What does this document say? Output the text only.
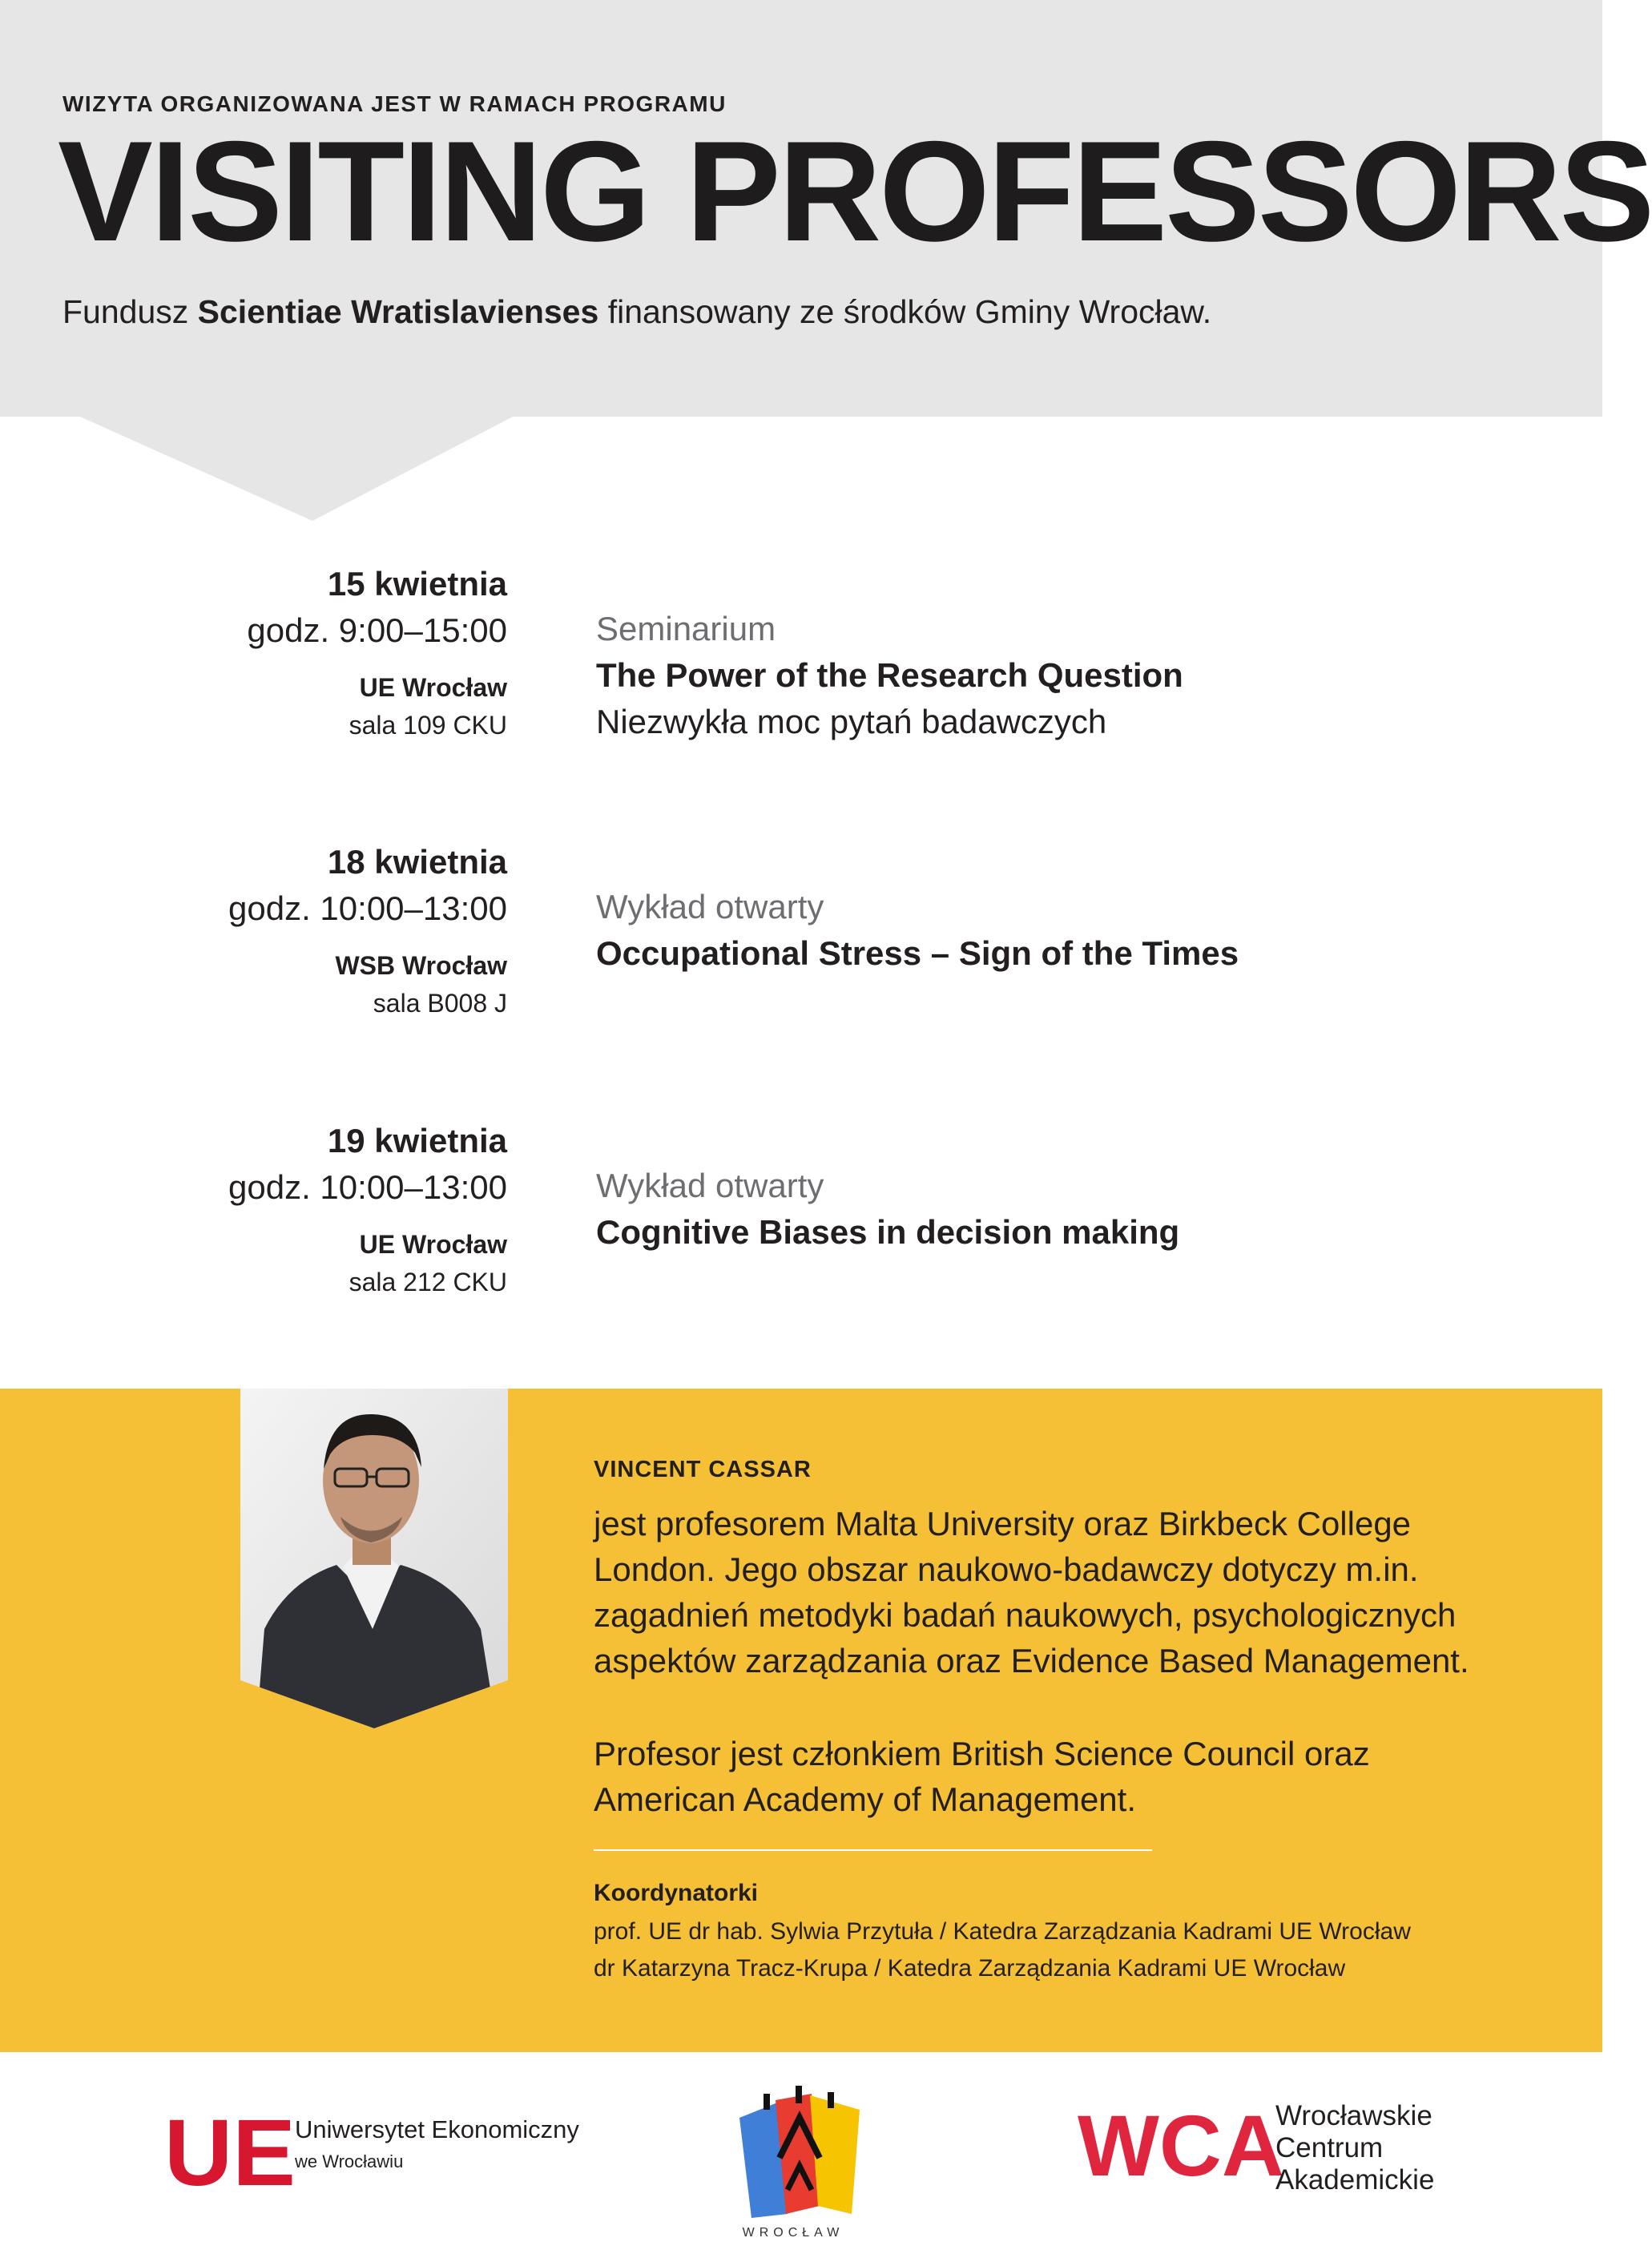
WIZYTA ORGANIZOWANA JEST W RAMACH PROGRAMU
VISITING PROFESSORS
Fundusz Scientiae Wratislavienses finansowany ze środków Gminy Wrocław.
15 kwietnia
godz. 9:00–15:00
UE Wrocław
sala 109 CKU
Seminarium
The Power of the Research Question
Niezwykła moc pytań badawczych
18 kwietnia
godz. 10:00–13:00
WSB Wrocław
sala B008 J
Wykład otwarty
Occupational Stress – Sign of the Times
19 kwietnia
godz. 10:00–13:00
UE Wrocław
sala 212 CKU
Wykład otwarty
Cognitive Biases in decision making
VINCENT CASSAR
jest profesorem Malta University oraz Birkbeck College
London. Jego obszar naukowo-badawczy dotyczy m.in.
zagadnień metodyki badań naukowych, psychologicznych
aspektów zarządzania oraz Evidence Based Management.
Profesor jest członkiem British Science Council oraz
American Academy of Management.
Koordynatorki
prof. UE dr hab. Sylwia Przytuła / Katedra Zarządzania Kadrami UE Wrocław
dr Katarzyna Tracz-Krupa / Katedra Zarządzania Kadrami UE Wrocław
UE Uniwersytet Ekonomiczny
we Wrocławiu
WROCŁAW
WCA
Wrocławskie
Centrum
Akademickie
